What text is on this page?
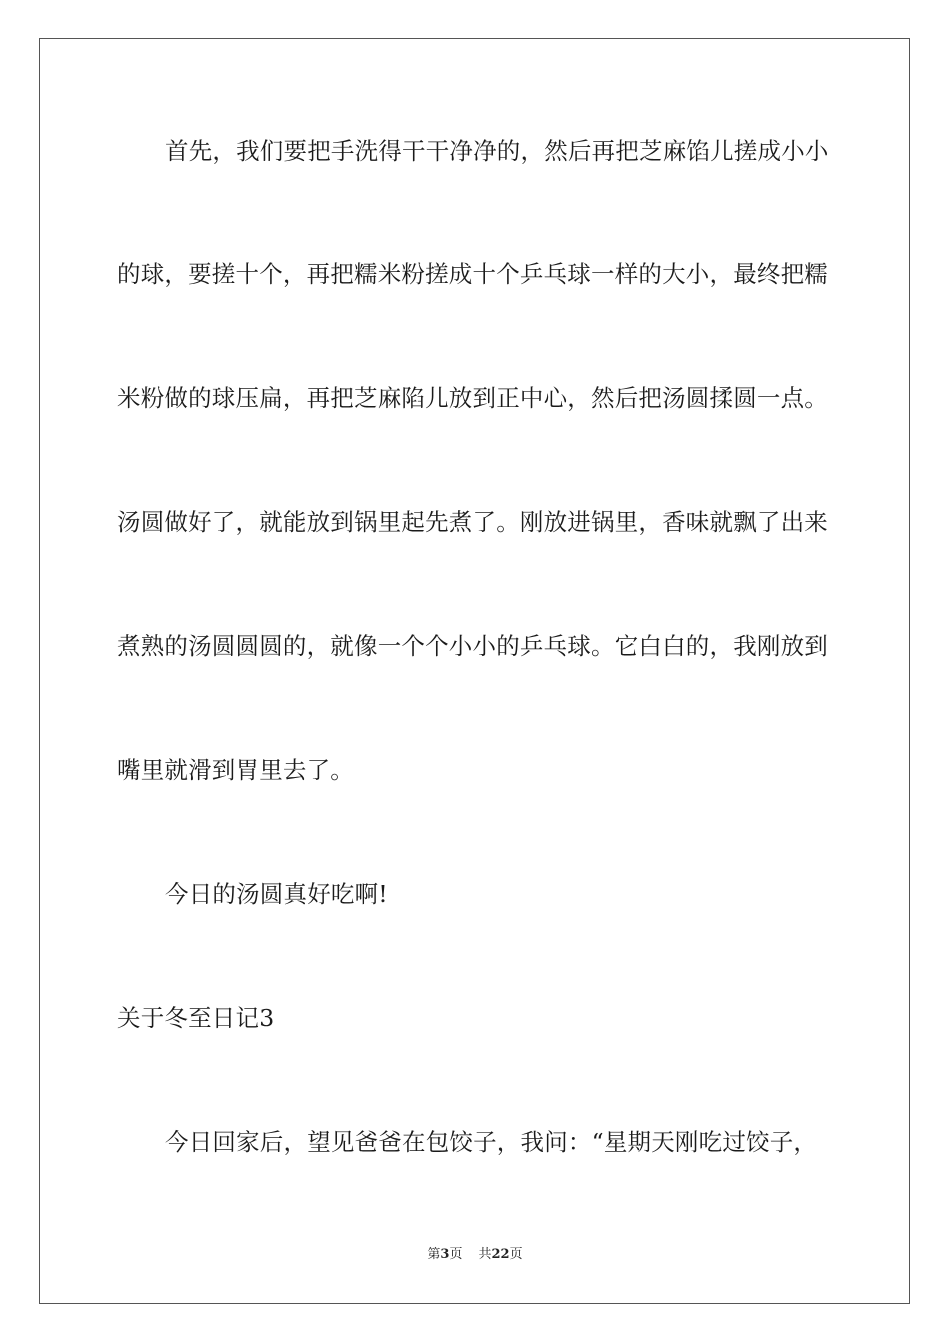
首先，我们要把手洗得干干净净的，然后再把芝麻馅儿搓成小小
的球，要搓十个，再把糯米粉搓成十个乒乓球一样的大小，最终把糯
米粉做的球压扁，再把芝麻陷儿放到正中心，然后把汤圆揉圆一点。
汤圆做好了，就能放到锅里起先煮了。刚放进锅里，香味就飘了出来
煮熟的汤圆圆圆的，就像一个个小小的乒乓球。它白白的，我刚放到
嘴里就滑到胃里去了。
今日的汤圆真好吃啊!
关于冬至日记3
今日回家后，望见爸爸在包饺子，我问：“星期天刚吃过饺子，
第3页 共22页
